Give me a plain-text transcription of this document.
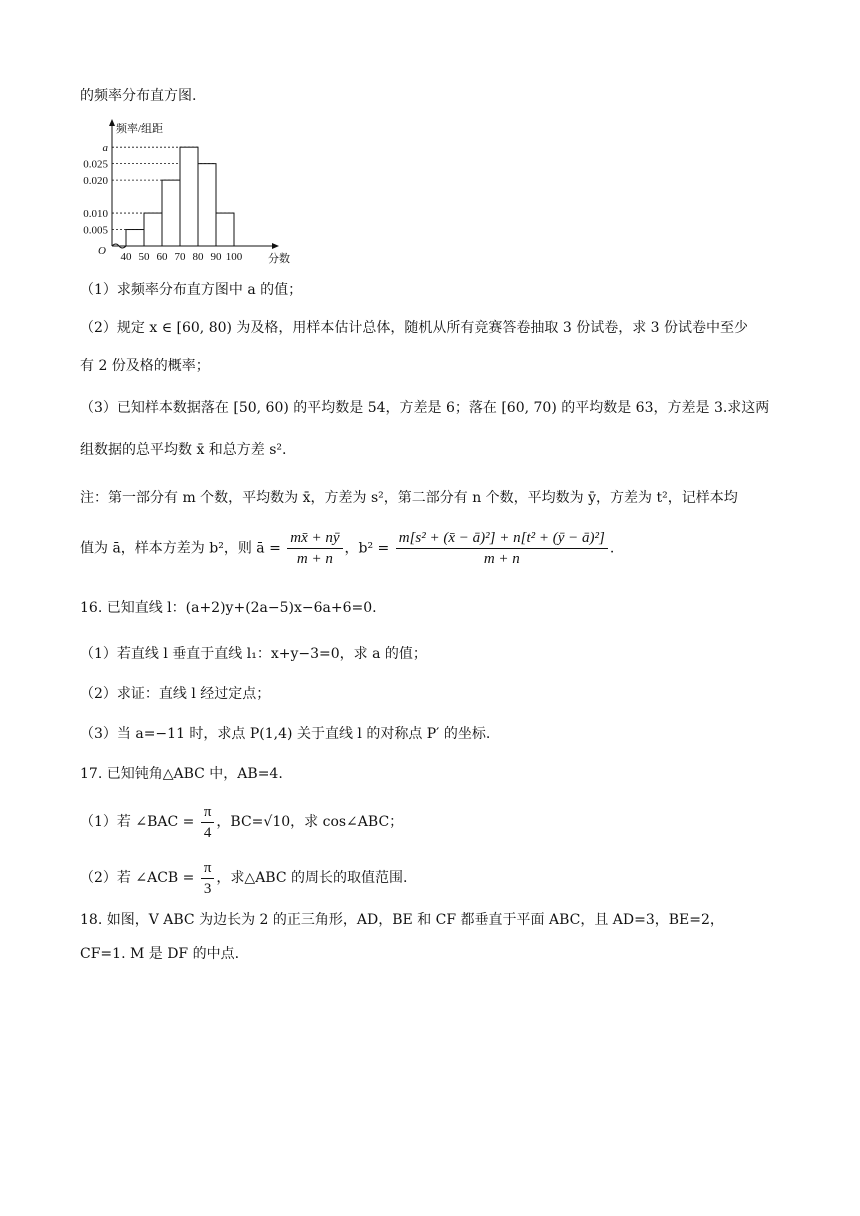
的频率分布直方图.
a
0.025
0.020
0.010
0.005
40 50 60 70 80 90 100
频率/组距
分数
O
（1）求频率分布直方图中 a 的值；
（2）规定 x ∈ [60, 80) 为及格，用样本估计总体，随机从所有竞赛答卷抽取 3 份试卷，求 3 份试卷中至少
有 2 份及格的概率；
（3）已知样本数据落在 [50, 60) 的平均数是 54，方差是 6；落在 [60, 70) 的平均数是 63，方差是 3.求这两
组数据的总平均数 x̄ 和总方差 s².
注：第一部分有 m 个数，平均数为 x̄，方差为 s²，第二部分有 n 个数，平均数为 ȳ，方差为 t²，记样本均
值为 ā，样本方差为 b²，则 ā = $\frac{mx̄ + nȳ}{m + n}$ ，$b^2 = \frac{\text{m[s² + (x̄ − ā)²] + n[t² + (ȳ − ā)²]}}{m + n}$ .
16. 已知直线 l：(a+2)y+(2a−5)x−6a+6=0.
（1）若直线 l 垂直于直线 l₁：x+y−3=0，求 a 的值；
（2）求证：直线 l 经过定点；
（3）当 a=−11 时，求点 P(1,4) 关于直线 l 的对称点 P′ 的坐标.
17. 已知钝角△ABC 中，AB=4.
（1）若 ∠BAC = $\frac{\pi}{4}$ ，BC=√10，求 cos∠ABC；
（2）若 ∠ACB = $\frac{\pi}{3}$ ，求△ABC 的周长的取值范围.
18. 如图，V ABC 为边长为 2 的正三角形，AD，BE 和 CF 都垂直于平面 ABC，且 AD=3，BE=2，
CF=1. M 是 DF 的中点.
